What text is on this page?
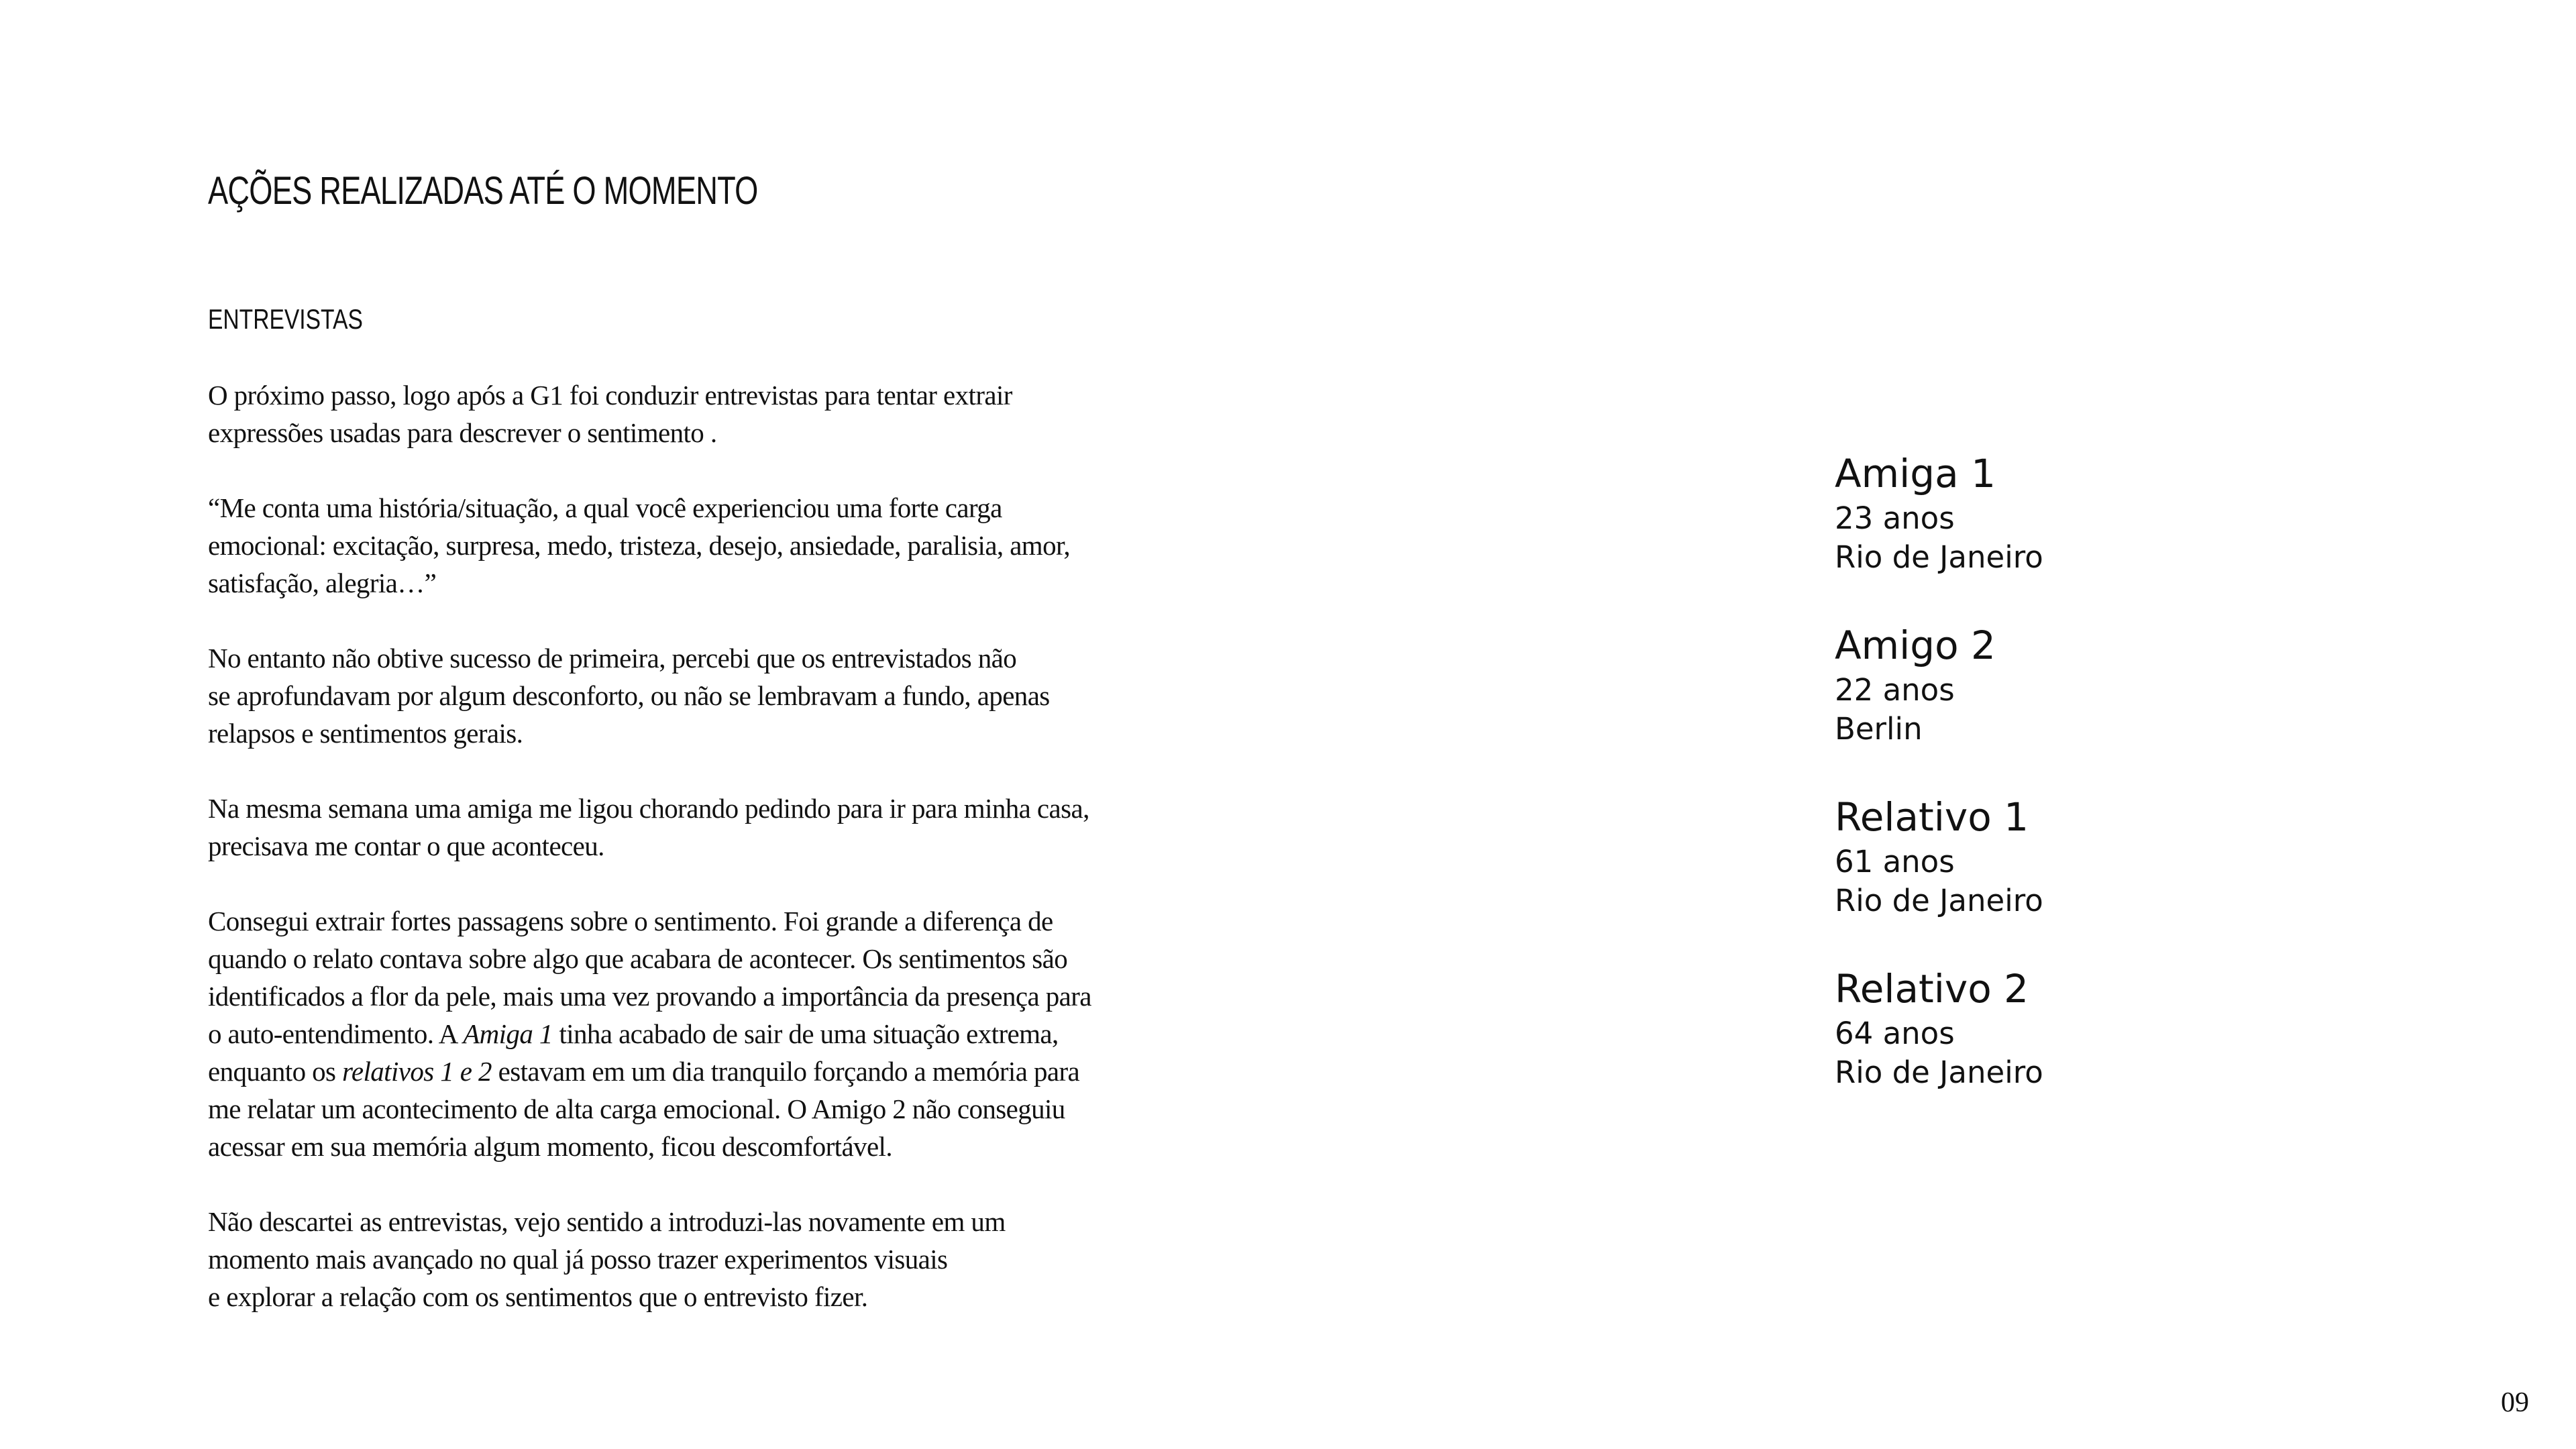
AÇÕES REALIZADAS ATÉ O MOMENTO
ENTREVISTAS

O próximo passo, logo após a G1 foi conduzir entrevistas para tentar extrair
expressões usadas para descrever o sentimento .

“Me conta uma história/situação, a qual você experienciou uma forte carga
emocional: excitação, surpresa, medo, tristeza, desejo, ansiedade, paralisia, amor,
satisfação, alegria…”

No entanto não obtive sucesso de primeira, percebi que os entrevistados não
se aprofundavam por algum desconforto, ou não se lembravam a fundo, apenas
relapsos e sentimentos gerais.

Na mesma semana uma amiga me ligou chorando pedindo para ir para minha casa,
precisava me contar o que aconteceu.

Consegui extrair fortes passagens sobre o sentimento. Foi grande a diferença de
quando o relato contava sobre algo que acabara de acontecer. Os sentimentos são
identificados a flor da pele, mais uma vez provando a importância da presença para
o auto-entendimento. A Amiga 1 tinha acabado de sair de uma situação extrema,
enquanto os relativos 1 e 2 estavam em um dia tranquilo forçando a memória para
me relatar um acontecimento de alta carga emocional. O Amigo 2 não conseguiu
acessar em sua memória algum momento, ficou descomfortável.

Não descartei as entrevistas, vejo sentido a introduzi-las novamente em um
momento mais avançado no qual já posso trazer experimentos visuais
e explorar a relação com os sentimentos que o entrevisto fizer.

Amiga 1
23 anos
Rio de Janeiro
Amigo 2
22 anos
Berlin
Relativo 1
61 anos
Rio de Janeiro
Relativo 2
64 anos
Rio de Janeiro
09
